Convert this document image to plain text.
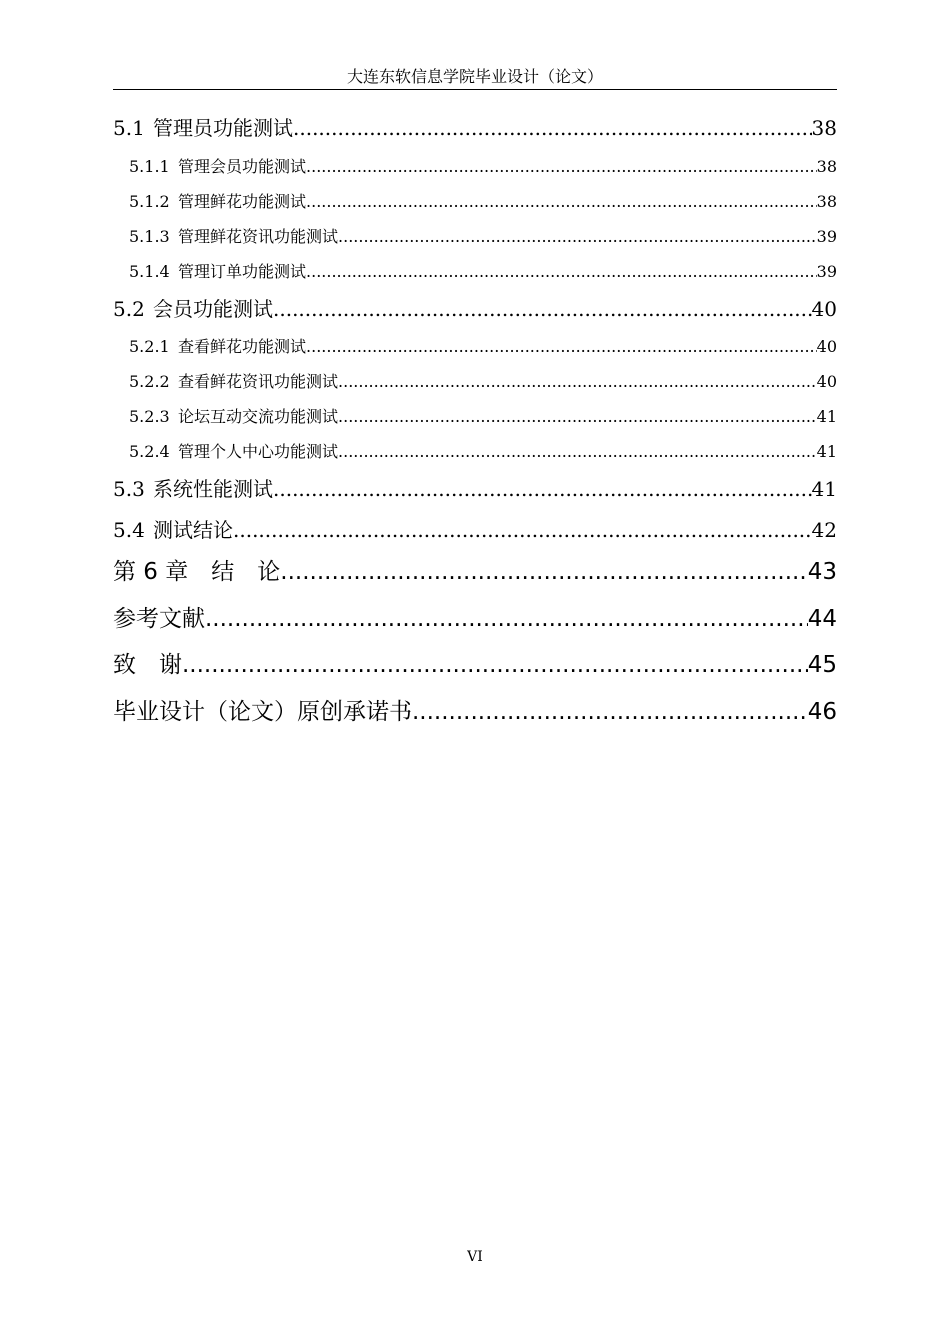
大连东软信息学院毕业设计（论文）
5.1 管理员功能测试 .....	38
5.1.1 管理会员功能测试 .....	38
5.1.2 管理鲜花功能测试 .....	38
5.1.3 管理鲜花资讯功能测试 .....	39
5.1.4 管理订单功能测试 .....	39
5.2 会员功能测试 .....	40
5.2.1 查看鲜花功能测试 .....	40
5.2.2 查看鲜花资讯功能测试 .....	40
5.2.3 论坛互动交流功能测试 .....	41
5.2.4 管理个人中心功能测试 .....	41
5.3 系统性能测试 .....	41
5.4 测试结论 .....	42
第 6 章　结　论 .....	43
参考文献 .....	44
致　谢 .....	45
毕业设计（论文）原创承诺书 .....	46
VI
